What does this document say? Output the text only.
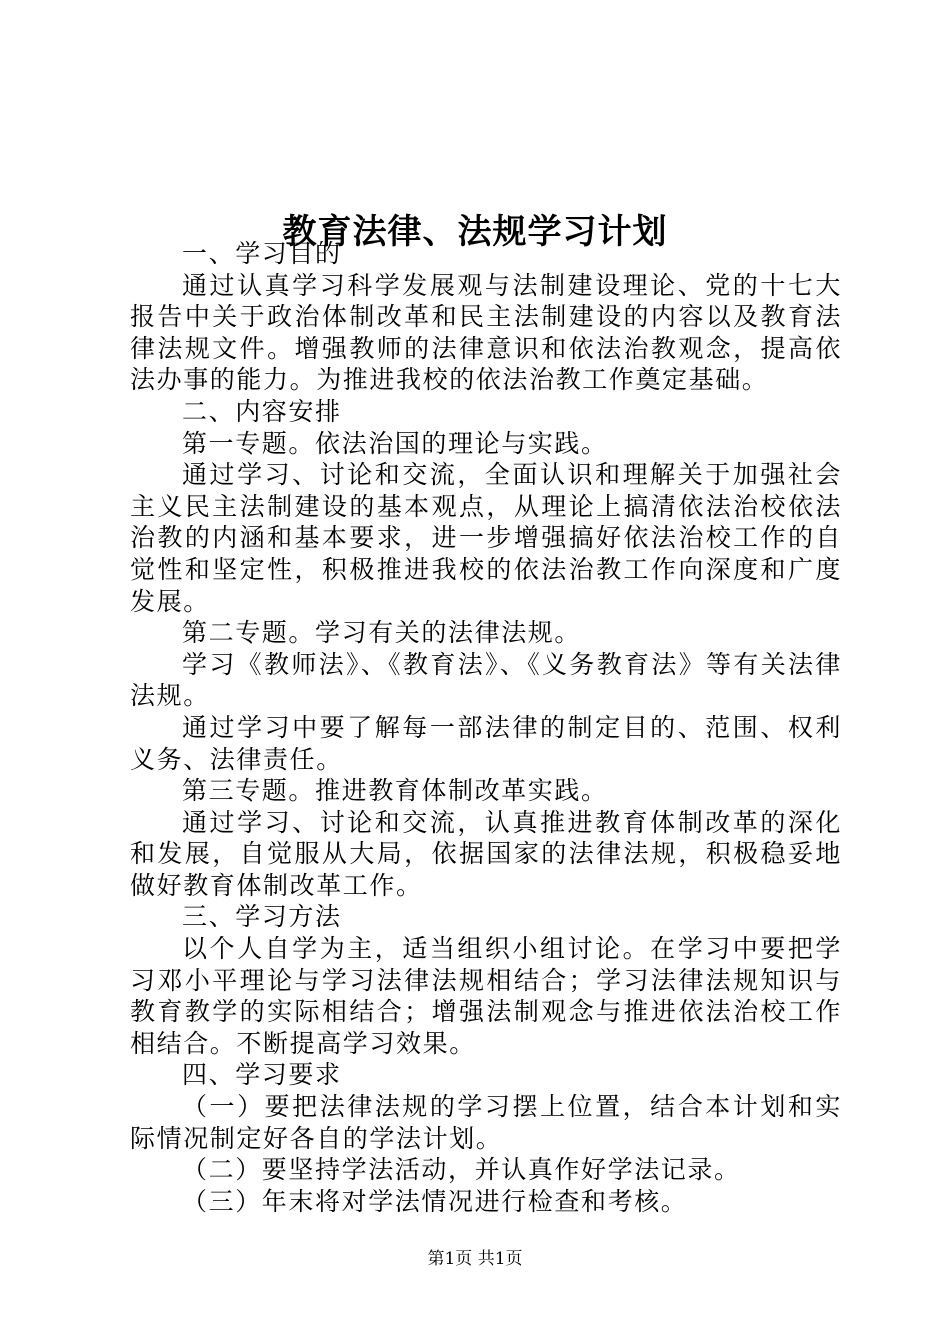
教育法律、法规学习计划

一、学习目的

通过认真学习科学发展观与法制建设理论、党的十七大报告中关于政治体制改革和民主法制建设的内容以及教育法律法规文件。增强教师的法律意识和依法治教观念，提高依法办事的能力。为推进我校的依法治教工作奠定基础。

二、内容安排

第一专题。依法治国的理论与实践。

通过学习、讨论和交流，全面认识和理解关于加强社会主义民主法制建设的基本观点，从理论上搞清依法治校依法治教的内涵和基本要求，进一步增强搞好依法治校工作的自觉性和坚定性，积极推进我校的依法治教工作向深度和广度发展。

第二专题。学习有关的法律法规。

学习《教师法》、《教育法》、《义务教育法》等有关法律法规。

通过学习中要了解每一部法律的制定目的、范围、权利义务、法律责任。

第三专题。推进教育体制改革实践。

通过学习、讨论和交流，认真推进教育体制改革的深化和发展，自觉服从大局，依据国家的法律法规，积极稳妥地做好教育体制改革工作。

三、学习方法

以个人自学为主，适当组织小组讨论。在学习中要把学习邓小平理论与学习法律法规相结合；学习法律法规知识与教育教学的实际相结合；增强法制观念与推进依法治校工作相结合。不断提高学习效果。

四、学习要求

（一）要把法律法规的学习摆上位置，结合本计划和实际情况制定好各自的学法计划。

（二）要坚持学法活动，并认真作好学法记录。

（三）年末将对学法情况进行检查和考核。

第1页 共1页
